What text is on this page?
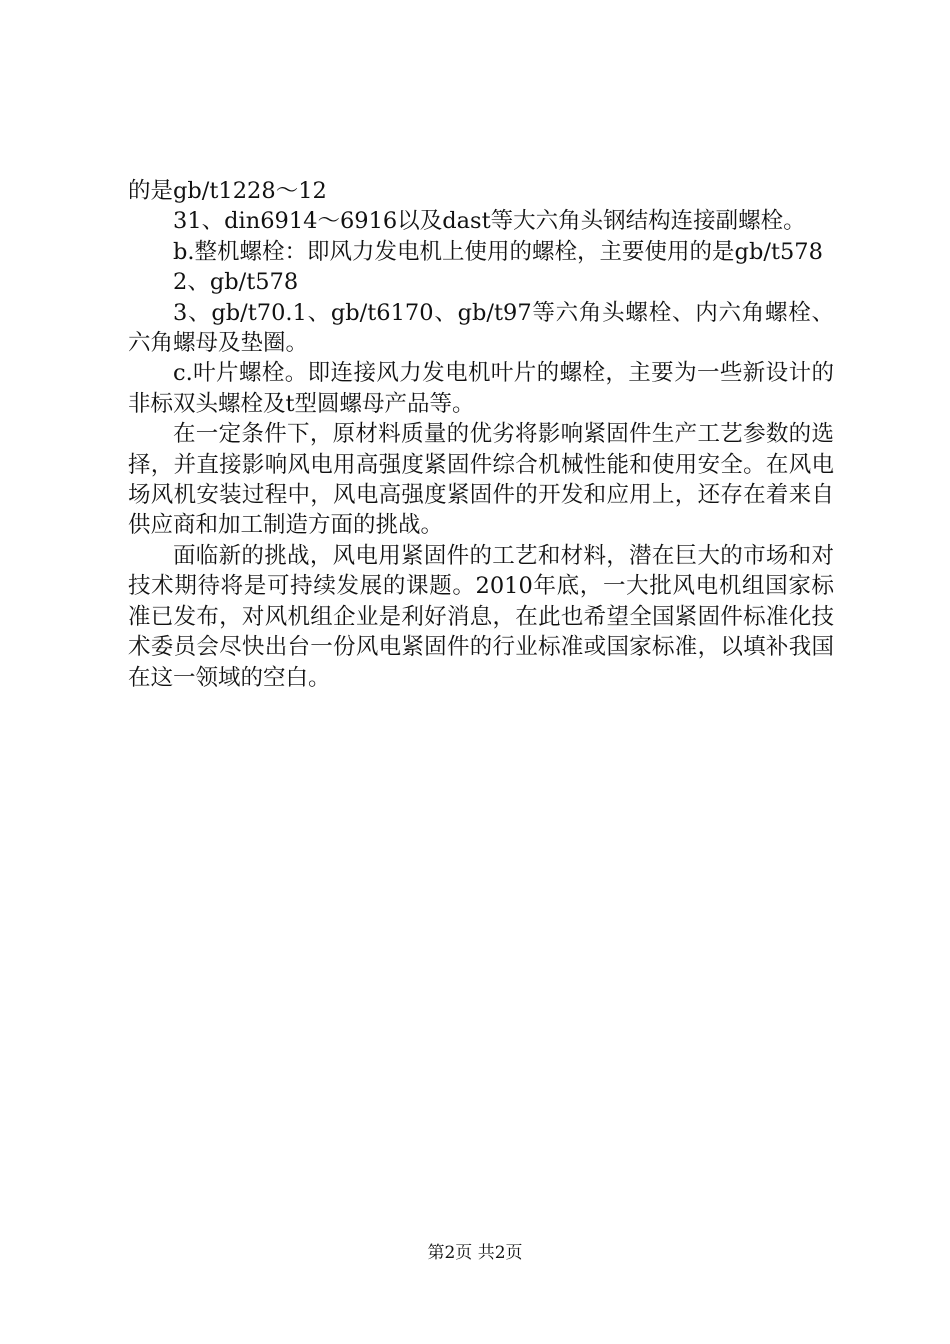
的是gb/t1228～12

31、din6914～6916以及dast等大六角头钢结构连接副螺栓。

b.整机螺栓：即风力发电机上使用的螺栓，主要使用的是gb/t578

2、gb/t578

3、gb/t70.1、gb/t6170、gb/t97等六角头螺栓、内六角螺栓、六角螺母及垫圈。

c.叶片螺栓。即连接风力发电机叶片的螺栓，主要为一些新设计的非标双头螺栓及t型圆螺母产品等。

在一定条件下，原材料质量的优劣将影响紧固件生产工艺参数的选择，并直接影响风电用高强度紧固件综合机械性能和使用安全。在风电场风机安装过程中，风电高强度紧固件的开发和应用上，还存在着来自供应商和加工制造方面的挑战。

面临新的挑战，风电用紧固件的工艺和材料，潜在巨大的市场和对技术期待将是可持续发展的课题。2010年底，一大批风电机组国家标准已发布，对风机组企业是利好消息，在此也希望全国紧固件标准化技术委员会尽快出台一份风电紧固件的行业标准或国家标准，以填补我国在这一领域的空白。

第2页 共2页
